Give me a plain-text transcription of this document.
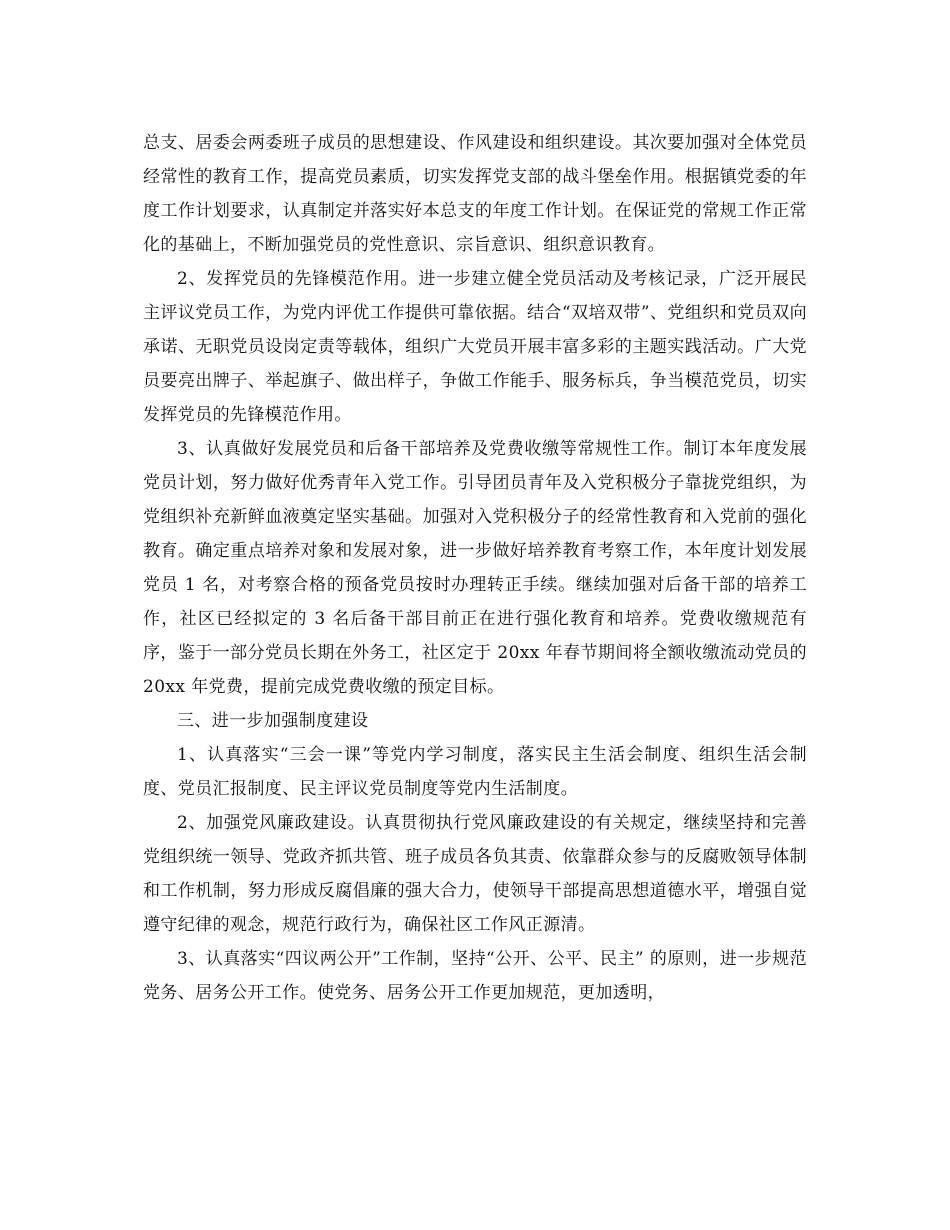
总支、居委会两委班子成员的思想建设、作风建设和组织建设。其次要加强对全体党员经常性的教育工作，提高党员素质，切实发挥党支部的战斗堡垒作用。根据镇党委的年度工作计划要求，认真制定并落实好本总支的年度工作计划。在保证党的常规工作正常化的基础上，不断加强党员的党性意识、宗旨意识、组织意识教育。

2、发挥党员的先锋模范作用。进一步建立健全党员活动及考核记录，广泛开展民主评议党员工作，为党内评优工作提供可靠依据。结合“双培双带”、党组织和党员双向承诺、无职党员设岗定责等载体，组织广大党员开展丰富多彩的主题实践活动。广大党员要亮出牌子、举起旗子、做出样子，争做工作能手、服务标兵，争当模范党员，切实发挥党员的先锋模范作用。

3、认真做好发展党员和后备干部培养及党费收缴等常规性工作。制订本年度发展党员计划，努力做好优秀青年入党工作。引导团员青年及入党积极分子靠拢党组织，为党组织补充新鲜血液奠定坚实基础。加强对入党积极分子的经常性教育和入党前的强化教育。确定重点培养对象和发展对象，进一步做好培养教育考察工作，本年度计划发展党员 1 名，对考察合格的预备党员按时办理转正手续。继续加强对后备干部的培养工作，社区已经拟定的 3 名后备干部目前正在进行强化教育和培养。党费收缴规范有序，鉴于一部分党员长期在外务工，社区定于 20xx 年春节期间将全额收缴流动党员的 20xx 年党费，提前完成党费收缴的预定目标。

三、进一步加强制度建设

1、认真落实“三会一课”等党内学习制度，落实民主生活会制度、组织生活会制度、党员汇报制度、民主评议党员制度等党内生活制度。

2、加强党风廉政建设。认真贯彻执行党风廉政建设的有关规定，继续坚持和完善党组织统一领导、党政齐抓共管、班子成员各负其责、依靠群众参与的反腐败领导体制和工作机制，努力形成反腐倡廉的强大合力，使领导干部提高思想道德水平，增强自觉遵守纪律的观念，规范行政行为，确保社区工作风正源清。

3、认真落实“四议两公开”工作制，坚持“公开、公平、民主” 的原则，进一步规范党务、居务公开工作。使党务、居务公开工作更加规范，更加透明，
